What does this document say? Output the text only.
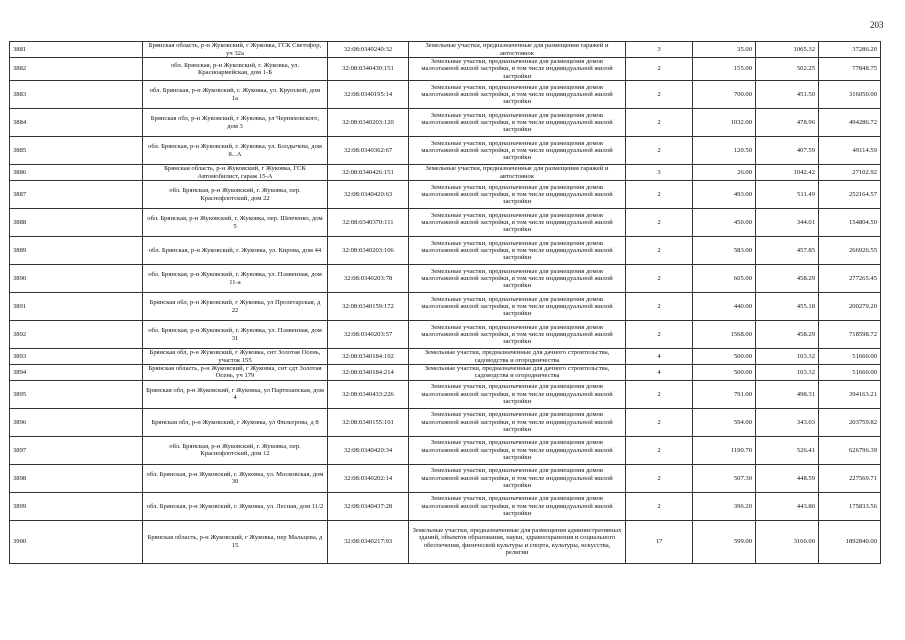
203
3881	Брянская область, р-н Жуковский, г Жуковка, ГСК Светофор, уч 32а	32:08:0340240:32	Земельные участки, предназначенные для размещения гаражей и автостоянок	3	35.00	1065.32	37286.20
3882	обл. Брянская, р-н Жуковский, г. Жуковка, ул. Красноармейская, дом 1-Б	32:08:0340430:151	Земельные участки, предназначенные для размещения домов малоэтажной жилой застройки, в том числе индивидуальной жилой застройки	2	155.00	502.25	77848.75
3883	обл. Брянская, р-н Жуковский, г. Жуковка, ул. Крупской, дом 1а	32:08:0340195:14	Земельные участки, предназначенные для размещения домов малоэтажной жилой застройки, в том числе индивидуальной жилой застройки	2	700.00	451.50	316050.00
3884	Брянская обл, р-н Жуковский, г Жуковка, ул Черняховского, дом 3	32:08:0340203:120	Земельные участки, предназначенные для размещения домов малоэтажной жилой застройки, в том числе индивидуальной жилой застройки	2	1032.00	478.96	494286.72
3885	обл. Брянская, р-н Жуковский, г. Жуковка, ул. Болдычева, дом 8...А	32:08:0340362:67	Земельные участки, предназначенные для размещения домов малоэтажной жилой застройки, в том числе индивидуальной жилой застройки	2	120.50	407.59	49114.59
3886	Брянская область, р-н Жуковский, г Жуковка, ГСК Автомобилист, гараж 15-А	32:08:0340426:151	Земельные участки, предназначенные для размещения гаражей и автостоянок	3	26.00	1042.42	27102.92
3887	обл. Брянская, р-н Жуковский, г. Жуковка, пер. Краснофлотский, дом 22	32:08:0340420:63	Земельные участки, предназначенные для размещения домов малоэтажной жилой застройки, в том числе индивидуальной жилой застройки	2	493.00	511.49	252164.57
3888	обл. Брянская, р-н Жуковский, г. Жуковка, пер. Шевченко, дом 5	32:08:0340370:111	Земельные участки, предназначенные для размещения домов малоэтажной жилой застройки, в том числе индивидуальной жилой застройки	2	450.00	344.01	154804.50
3889	обл. Брянская, р-н Жуковский, г. Жуковка, ул. Кирова, дом 44	32:08:0340203:106	Земельные участки, предназначенные для размещения домов малоэтажной жилой застройки, в том числе индивидуальной жилой застройки	2	583.00	457.85	266926.55
3890	обл. Брянская, р-н Жуковский, г. Жуковка, ул. Плавенная, дом 11-а	32:08:0340203:78	Земельные участки, предназначенные для размещения домов малоэтажной жилой застройки, в том числе индивидуальной жилой застройки	2	605.00	458.29	277265.45
3891	Брянская обл, р-н Жуковский, г Жуковка, ул Пролетарская, д 22	32:08:0340159:172	Земельные участки, предназначенные для размещения домов малоэтажной жилой застройки, в том числе индивидуальной жилой застройки	2	440.00	455.18	200279.20
3892	обл. Брянская, р-н Жуковский, г. Жуковка, ул. Плавенная, дом 31	32:08:0340203:57	Земельные участки, предназначенные для размещения домов малоэтажной жилой застройки, в том числе индивидуальной жилой застройки	2	1568.00	458.29	718598.72
3893	Брянская обл, р-н Жуковский, г Жуковка, снт Золотая Осень, участок 155	32:08:0340184:192	Земельные участки, предназначенные для дачного строительства, садоводства и огородничества	4	500.00	103.32	51660.00
3894	Брянская область, р-н Жуковский, г Жуковка, снт сдт Золотая Осень, уч 179	32:08:0340184:214	Земельные участки, предназначенные для дачного строительства, садоводства и огородничества	4	500.00	103.32	51660.00
3895	Брянская обл, р-н Жуковский, г Жуковка, ул Партизанская, дом 4	32:08:0340433:226	Земельные участки, предназначенные для размещения домов малоэтажной жилой застройки, в том числе индивидуальной жилой застройки	2	791.00	498.31	394163.21
3896	Брянская обл, р-н Жуковский, г Жуковка, ул Фильтрова, д 8	32:08:0340155:101	Земельные участки, предназначенные для размещения домов малоэтажной жилой застройки, в том числе индивидуальной жилой застройки	2	594.00	343.03	203759.82
3897	обл. Брянская, р-н Жуковский, г. Жуковка, пер. Краснофлотский, дом 12	32:08:0340420:34	Земельные участки, предназначенные для размещения домов малоэтажной жилой застройки, в том числе индивидуальной жилой застройки	2	1190.70	526.41	626796.39
3898	обл. Брянская, р-н Жуковский, г. Жуковка, ул. Московская, дом 30	32:08:0340202:14	Земельные участки, предназначенные для размещения домов малоэтажной жилой застройки, в том числе индивидуальной жилой застройки	2	507.30	448.59	227569.71
3899	обл. Брянская, р-н Жуковский, г. Жуковка, ул. Лесная, дом 11/2	32:08:0340437:28	Земельные участки, предназначенные для размещения домов малоэтажной жилой застройки, в том числе индивидуальной жилой застройки	2	396.20	443.80	175833.56
3900	Брянская область, р-н Жуковский, г Жуковка, пер Мальцева, д 15	32:08:0340217:93	Земельные участки, предназначенные для размещения административных зданий, объектов образования, науки, здравоохранения и социального обеспечения, физической культуры и спорта, культуры, искусства, религии	17	599.00	3160.00	1892840.00
